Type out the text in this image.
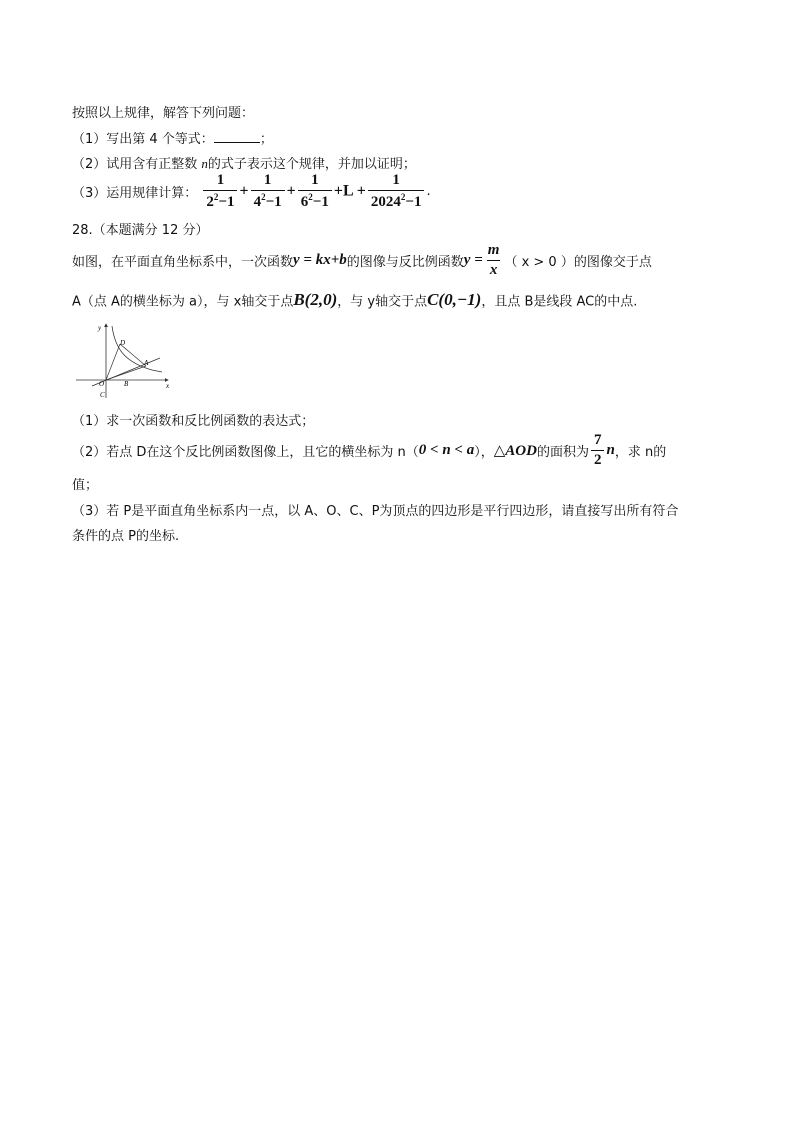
按照以上规律，解答下列问题：
（1）写出第 4 个等式：	；
（2）试用含有正整数 n的式子表示这个规律，并加以证明；
（3）运用规律计算： $\frac{1}{2^2-1} + \frac{1}{4^2-1} + \frac{1}{6^2-1} +L + \frac{1}{2024^2-1}$ .
28.（本题满分 12 分）
如图，在平面直角坐标系中，一次函数y = kx+b的图像与反比例函数$y = \frac{m}{x}$ （ x > 0 ）的图像交于点
A（点 A的横坐标为 a），与 x轴交于点B(2,0)，与 y轴交于点C(0,−1)，且点 B是线段 AC的中点.
y
x
O	B
A
D
C
（1）求一次函数和反比例函数的表达式；
（2）若点 D在这个反比例函数图像上，且它的横坐标为 n（0 < n < a），△AOD的面积为 $\frac{7}{2}$ n，求 n的
值；
（3）若 P是平面直角坐标系内一点，以 A、O、C、P为顶点的四边形是平行四边形，请直接写出所有符合
条件的点 P的坐标.
